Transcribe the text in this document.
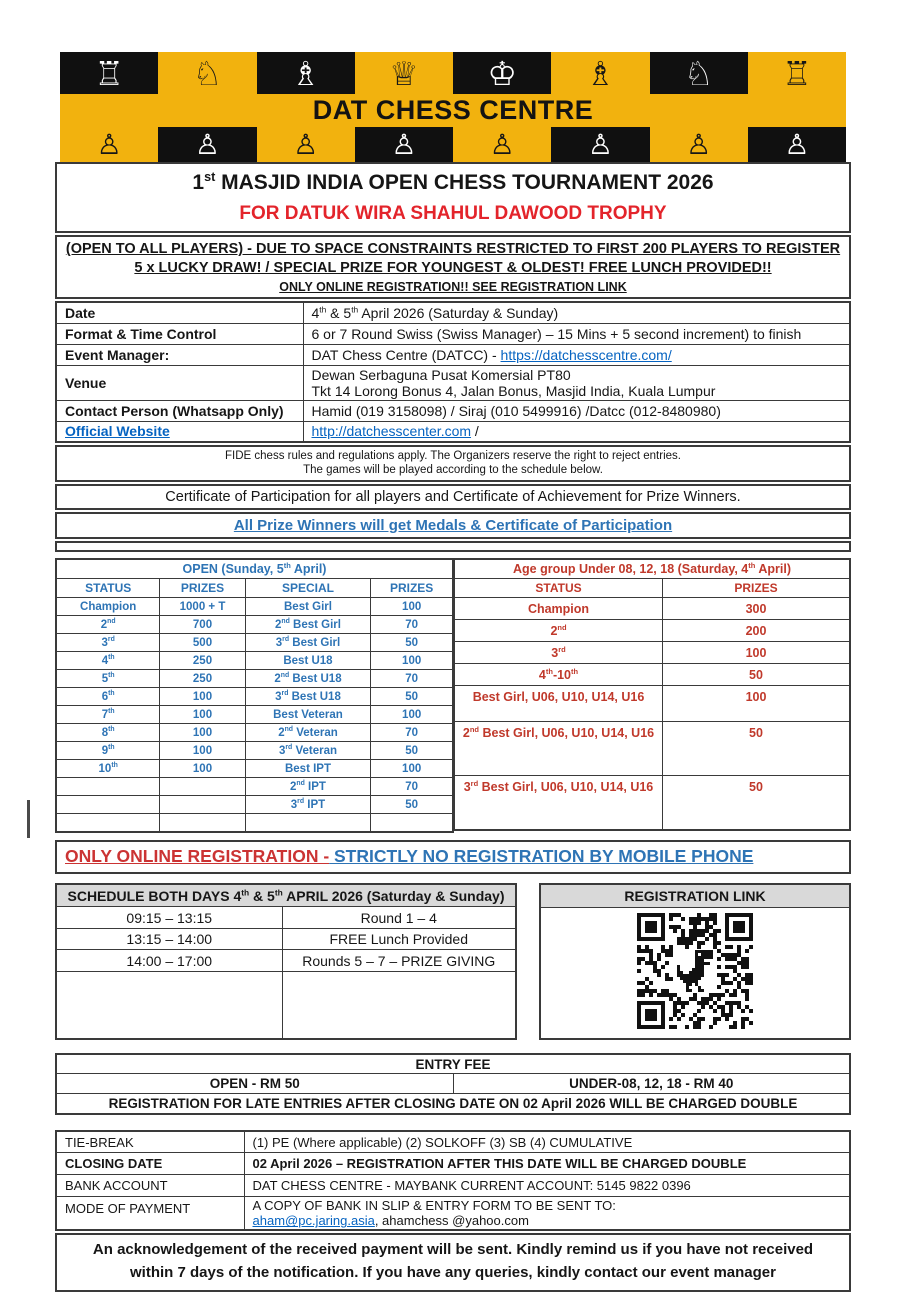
♖ ♘ ♗ ♕ ♔ ♗ ♘ ♖
DAT CHESS CENTRE
♙	♙	♙	♙	♙	♙	♙	♙
1st MASJID INDIA OPEN CHESS TOURNAMENT 2026
FOR DATUK WIRA SHAHUL DAWOOD TROPHY
(OPEN TO ALL PLAYERS) - DUE TO SPACE CONSTRAINTS RESTRICTED TO FIRST 200 PLAYERS TO REGISTER
5 x LUCKY DRAW! / SPECIAL PRIZE FOR YOUNGEST & OLDEST! FREE LUNCH PROVIDED!!
ONLY ONLINE REGISTRATION!! SEE REGISTRATION LINK
Date	4th & 5th April 2026 (Saturday & Sunday)
Format & Time Control	6 or 7 Round Swiss (Swiss Manager) – 15 Mins + 5 second increment) to finish
Event Manager:	DAT Chess Centre (DATCC) - https://datchesscentre.com/
Venue	Dewan Serbaguna Pusat Komersial PT80
Tkt 14 Lorong Bonus 4, Jalan Bonus, Masjid India, Kuala Lumpur

Contact Person (Whatsapp Only)	Hamid (019 3158098) / Siraj (010 5499916) /Datcc (012-8480980)
Official Website	http://datchesscenter.com /
FIDE chess rules and regulations apply. The Organizers reserve the right to reject entries.
The games will be played according to the schedule below.
Certificate of Participation for all players and Certificate of Achievement for Prize Winners.
All Prize Winners will get Medals & Certificate of Participation
OPEN (Sunday, 5th April)			
STATUS	PRIZES	SPECIAL	PRIZES
Champion	1000 + T	Best Girl	100
2nd	700	2nd Best Girl	70
3rd	500	3rd Best Girl	50
4th	250	Best U18	100
5th	250	2nd Best U18	70
6th	100	3rd Best U18	50
7th	100	Best Veteran	100
8th	100	2nd Veteran	70
9th	100	3rd Veteran	50
10th	100	Best IPT	100
		2nd IPT	70
		3rd IPT	50

Age group Under 08, 12, 18 (Saturday, 4th April)	
STATUS	PRIZES
Champion	300
2nd	200
3rd	100
4th-10th	50
Best Girl, U06, U10, U14, U16	100
2nd Best Girl, U06, U10, U14, U16	50
3rd Best Girl, U06, U10, U14, U16	50
ONLY ONLINE REGISTRATION - STRICTLY NO REGISTRATION BY MOBILE PHONE
SCHEDULE BOTH DAYS 4th & 5th APRIL 2026 (Saturday & Sunday)	
09:15 – 13:15	Round 1 – 4
13:15 – 14:00	FREE Lunch Provided
14:00 – 17:00	Rounds 5 – 7 – PRIZE GIVING

REGISTRATION LINK
ENTRY FEE
OPEN - RM 50	UNDER-08, 12, 18 - RM 40
REGISTRATION FOR LATE ENTRIES AFTER CLOSING DATE ON 02 April 2026 WILL BE CHARGED DOUBLE
TIE-BREAK	(1) PE (Where applicable) (2) SOLKOFF (3) SB (4) CUMULATIVE
CLOSING DATE	02 April 2026 – REGISTRATION AFTER THIS DATE WILL BE CHARGED DOUBLE
BANK ACCOUNT	DAT CHESS CENTRE - MAYBANK CURRENT ACCOUNT: 5145 9822 0396
MODE OF PAYMENT	A COPY OF BANK IN SLIP & ENTRY FORM TO BE SENT TO:
aham@pc.jaring.asia, ahamchess @yahoo.com
An acknowledgement of the received payment will be sent. Kindly remind us if you have not received within 7 days of the notification. If you have any queries, kindly contact our event manager
